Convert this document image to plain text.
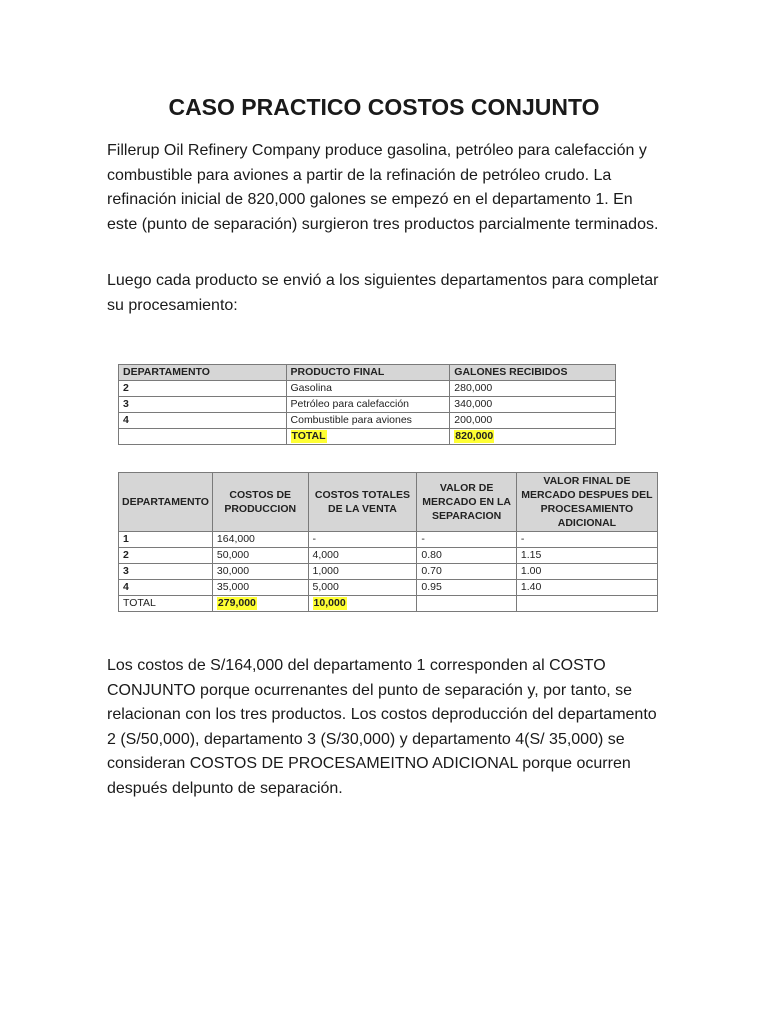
CASO PRACTICO COSTOS CONJUNTO
Fillerup Oil Refinery Company produce gasolina, petróleo para calefacción y combustible para aviones a partir de la refinación de petróleo crudo. La refinación inicial de 820,000 galones se empezó en el departamento 1. En este (punto de separación) surgieron tres productos parcialmente terminados.
Luego cada producto se envió a los siguientes departamentos para completar su procesamiento:
DEPARTAMENTO	PRODUCTO FINAL	GALONES RECIBIDOS
2	Gasolina	280,000
3	Petróleo para calefacción	340,000
4	Combustible para aviones	200,000
	TOTAL	820,000
DEPARTAMENTO	COSTOS DE PRODUCCION	COSTOS TOTALES DE LA VENTA	VALOR DE MERCADO EN LA SEPARACION	VALOR FINAL DE MERCADO DESPUES DEL PROCESAMIENTO ADICIONAL
1	164,000	-	-	-
2	50,000	4,000	0.80	1.15
3	30,000	1,000	0.70	1.00
4	35,000	5,000	0.95	1.40
TOTAL	279,000	10,000		
Los costos de S/164,000 del departamento 1 corresponden al COSTO CONJUNTO porque ocurrenantes del punto de separación y, por tanto, se relacionan con los tres productos. Los costos deproducción del departamento 2 (S/50,000), departamento 3 (S/30,000) y departamento 4(S/ 35,000) se consideran COSTOS DE PROCESAMEITNO ADICIONAL porque ocurren después delpunto de separación.
